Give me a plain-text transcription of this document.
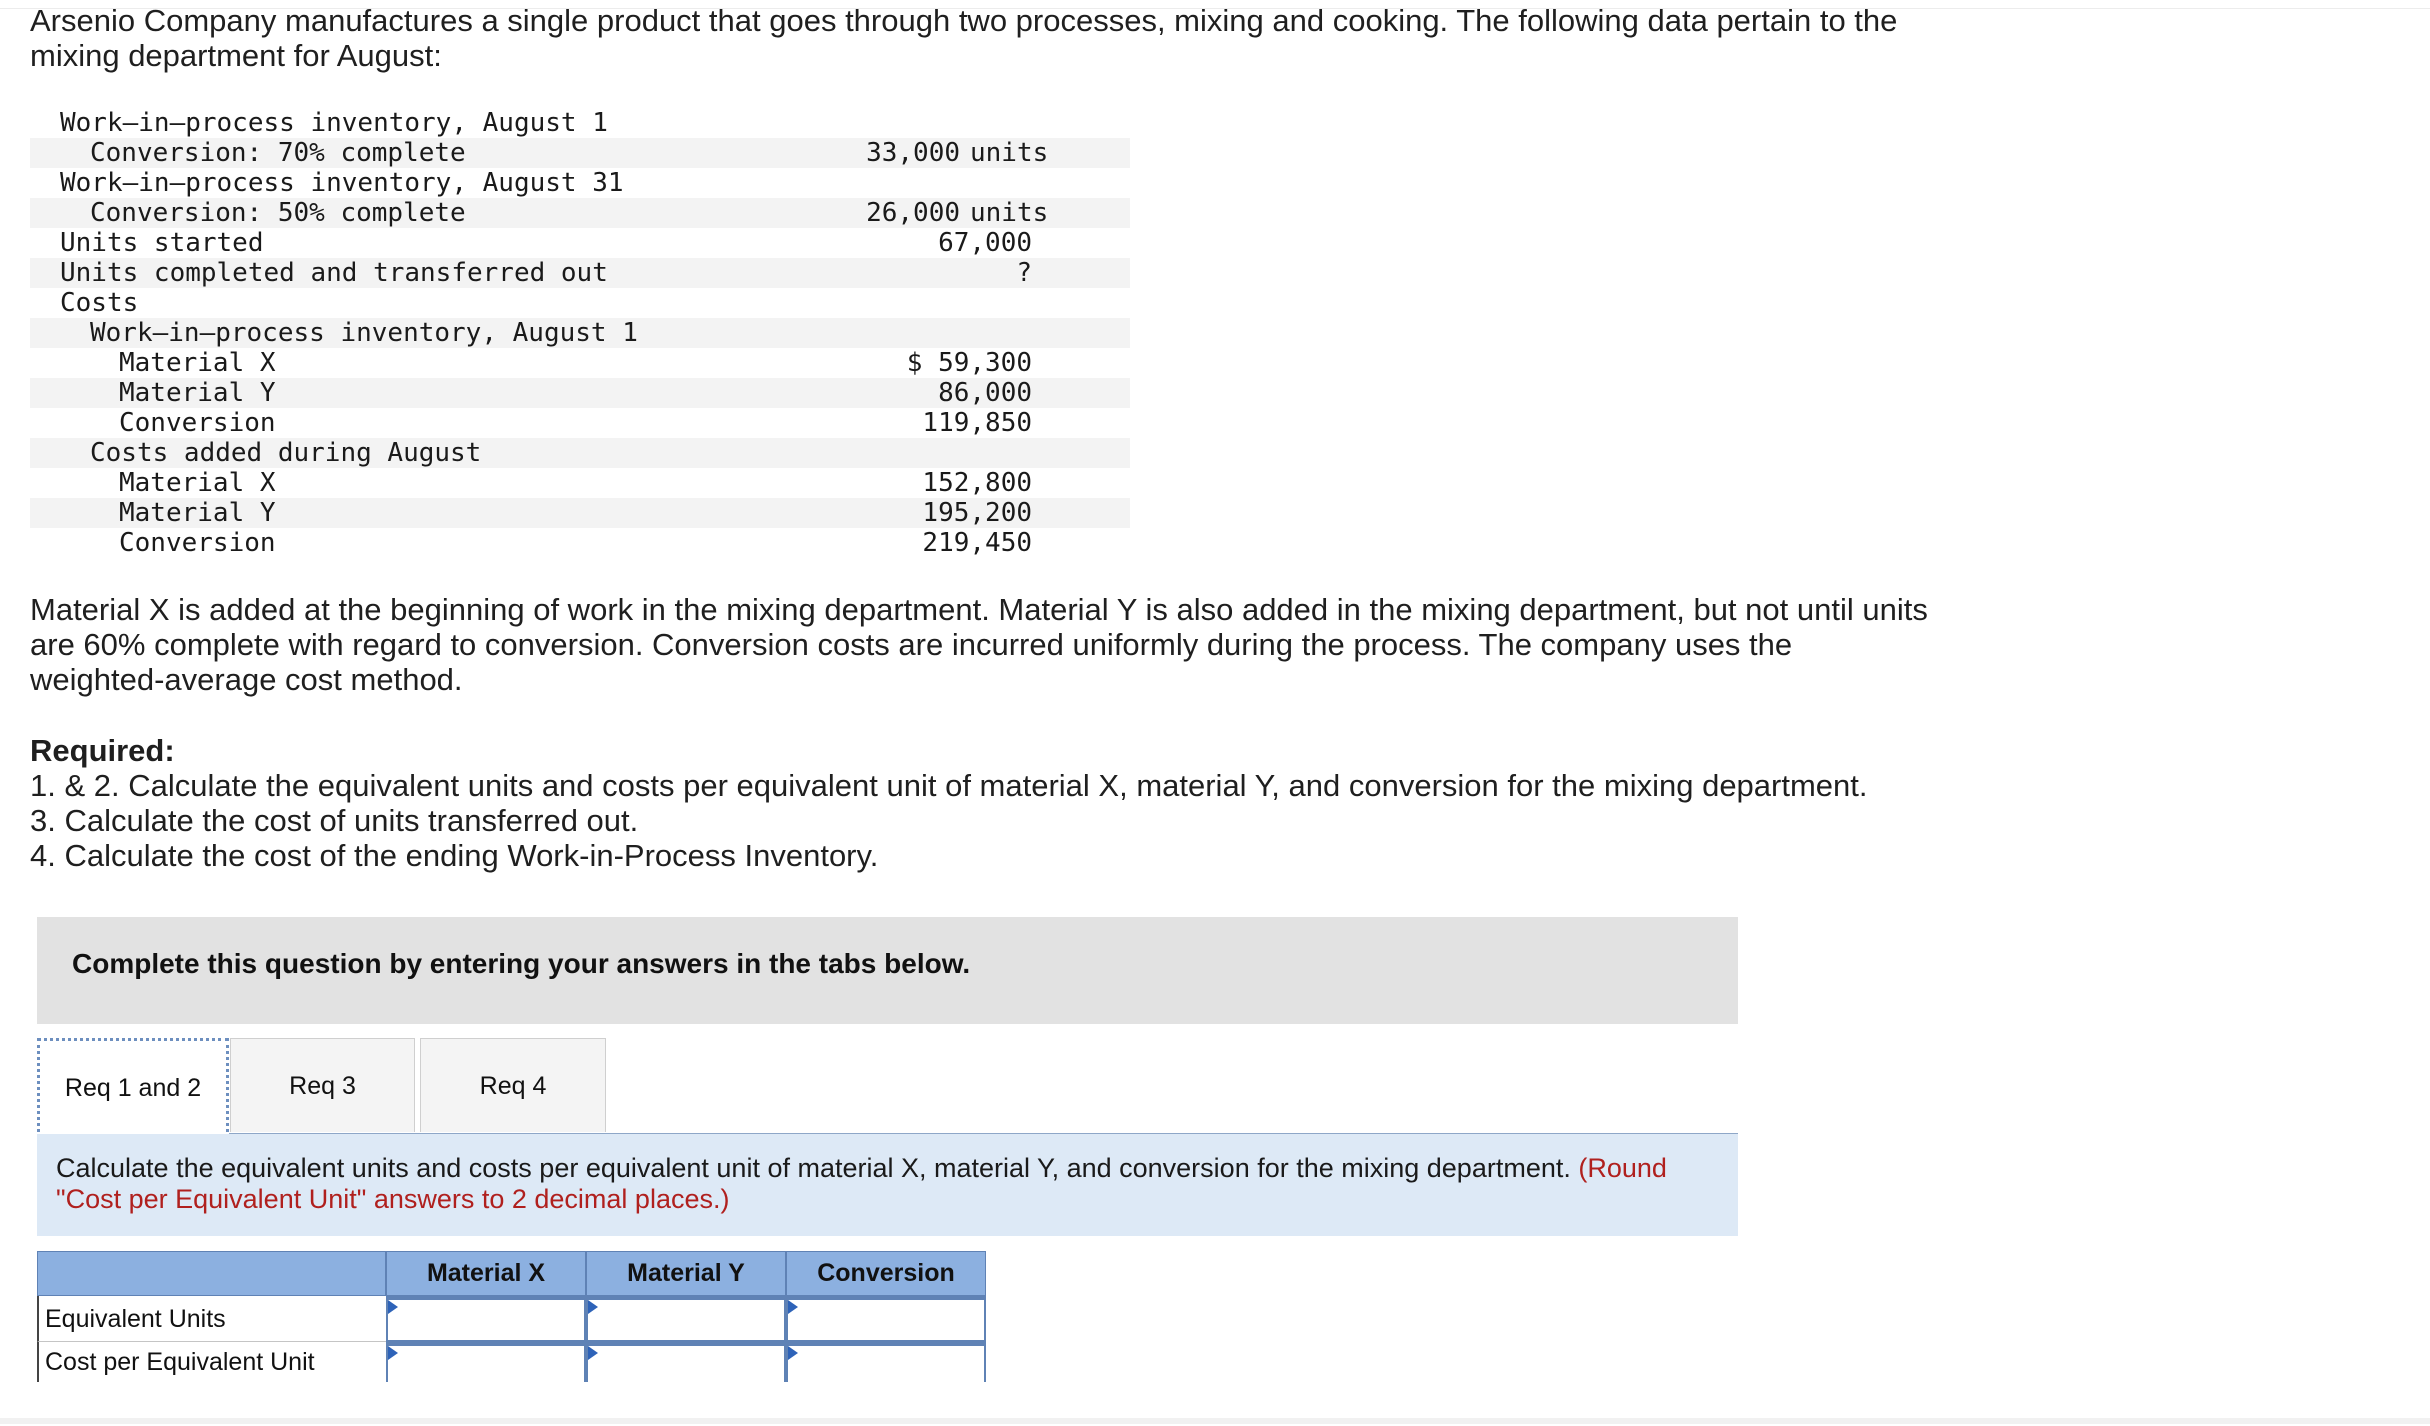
Arsenio Company manufactures a single product that goes through two processes, mixing and cooking. The following data pertain to the mixing department for August:

Work–in–process inventory, August 1
Conversion: 70% complete	33,000 units
Work–in–process inventory, August 31
Conversion: 50% complete	26,000 units
Units started	67,000
Units completed and transferred out	?
Costs
Work–in–process inventory, August 1
Material X	$ 59,300
Material Y	86,000
Conversion	119,850
Costs added during August
Material X	152,800
Material Y	195,200
Conversion	219,450

Material X is added at the beginning of work in the mixing department. Material Y is also added in the mixing department, but not until units are 60% complete with regard to conversion. Conversion costs are incurred uniformly during the process. The company uses the weighted-average cost method.

Required:
1. & 2. Calculate the equivalent units and costs per equivalent unit of material X, material Y, and conversion for the mixing department.
3. Calculate the cost of units transferred out.
4. Calculate the cost of the ending Work-in-Process Inventory.
Complete this question by entering your answers in the tabs below.
Req 1 and 2	Req 3	Req 4
Calculate the equivalent units and costs per equivalent unit of material X, material Y, and conversion for the mixing department. (Round "Cost per Equivalent Unit" answers to 2 decimal places.)
Material X	Material Y	Conversion
Equivalent Units
Cost per Equivalent Unit
